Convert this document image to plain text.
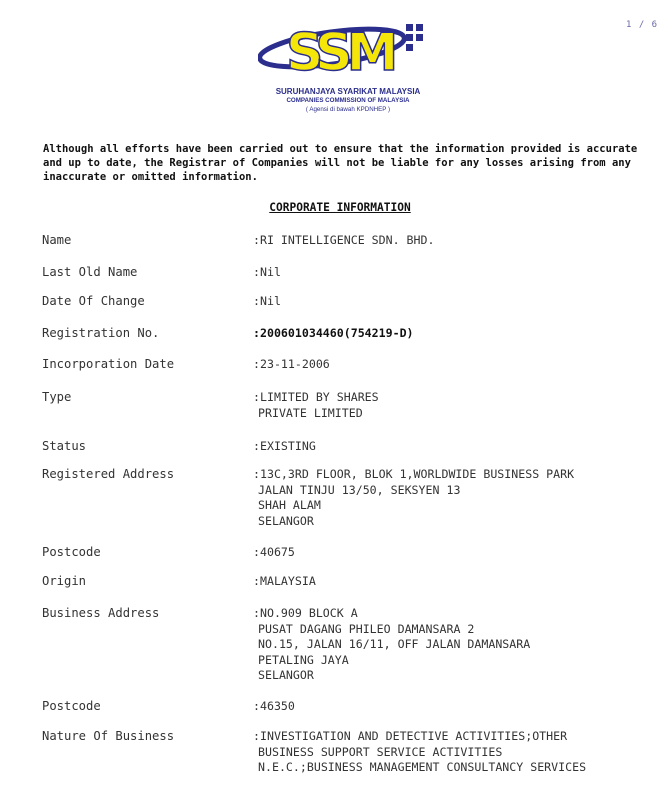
1 / 6
SSM
SURUHANJAYA SYARIKAT MALAYSIA
COMPANIES COMMISSION OF MALAYSIA
( Agensi di bawah KPDNHEP )
Although all efforts have been carried out to ensure that the information provided is accurate
and up to date, the Registrar of Companies will not be liable for any losses arising from any
inaccurate or omitted information.
CORPORATE INFORMATION
Name	:RI INTELLIGENCE SDN. BHD.
Last Old Name	:Nil
Date Of Change	:Nil
Registration No.	:200601034460(754219-D)
Incorporation Date	:23-11-2006
Type	:LIMITED BY SHARES
PRIVATE LIMITED
Status	:EXISTING
Registered Address	:13C,3RD FLOOR, BLOK 1,WORLDWIDE BUSINESS PARK
JALAN TINJU 13/50, SEKSYEN 13
SHAH ALAM
SELANGOR
Postcode	:40675
Origin	:MALAYSIA
Business Address	:NO.909 BLOCK A
PUSAT DAGANG PHILEO DAMANSARA 2
NO.15, JALAN 16/11, OFF JALAN DAMANSARA
PETALING JAYA
SELANGOR
Postcode	:46350
Nature Of Business	:INVESTIGATION AND DETECTIVE ACTIVITIES;OTHER
BUSINESS SUPPORT SERVICE ACTIVITIES
N.E.C.;BUSINESS MANAGEMENT CONSULTANCY SERVICES
